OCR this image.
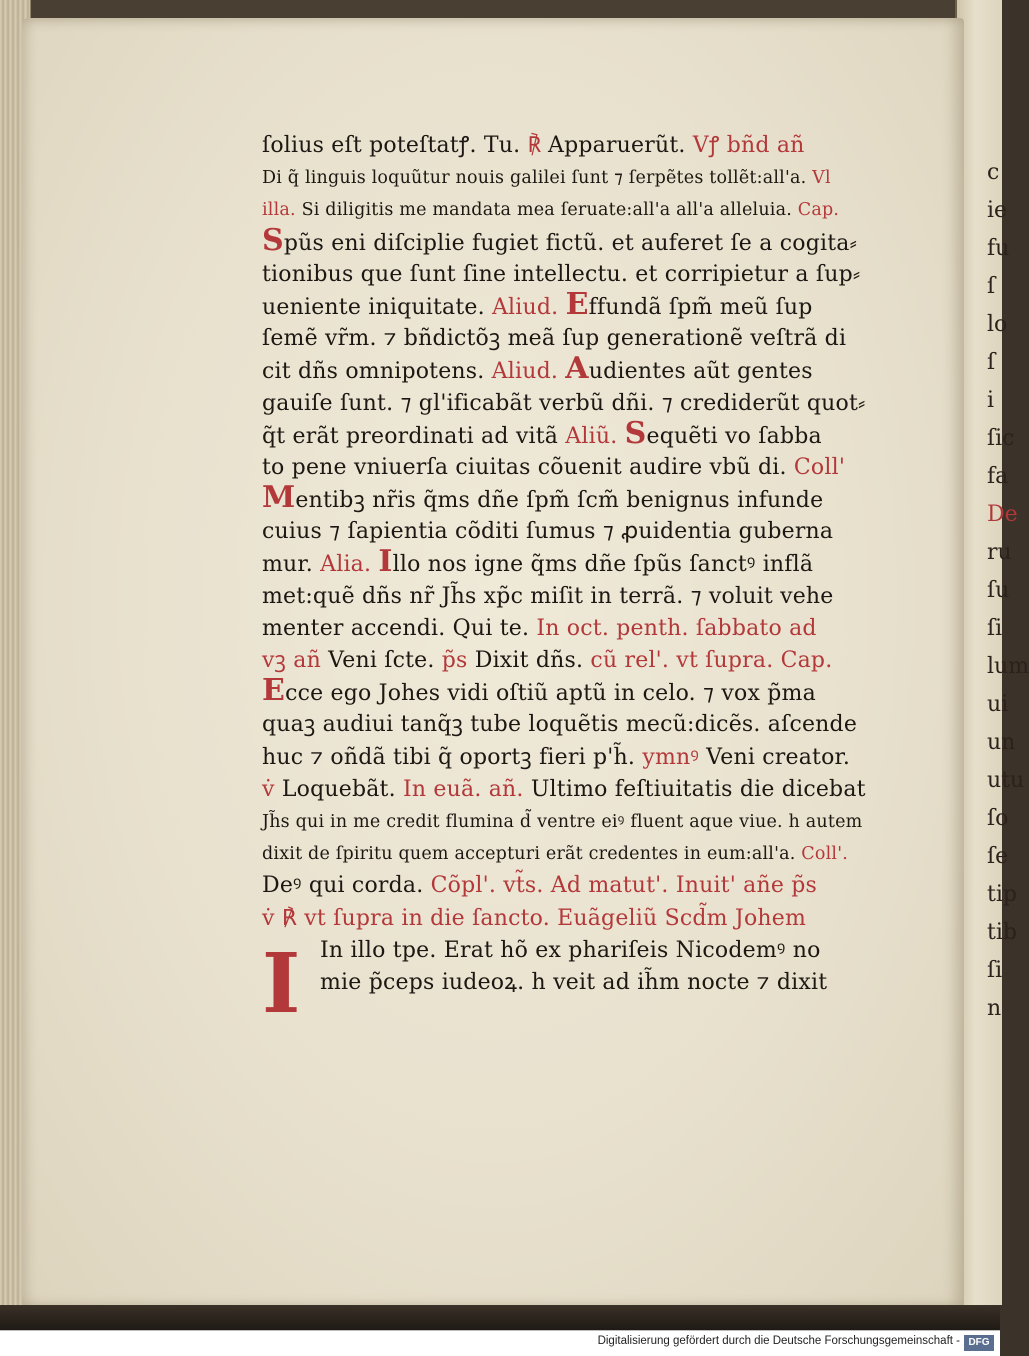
c
ie
fu
ſ
lo
ſ
i
ſic
fa
De
ru
ſu
ſi
lum
ui
un
utu
ſo
ſe
tip
tib
ſi
n
I
ſolius eſt poteſtatꝭ. Tu. ℟ Apparuerũt. Vꝭ bñd añ
Di q̃ linguis loquũtur nouis galilei ſunt ⁊ ſerpẽtes tollẽt:all'a. Vl
illa. Si diligitis me mandata mea ſeruate:all'a all'a alleluia. Cap.
Spũs eni diſciplie fugiet fictũ. et auferet ſe a cogita⸗
tionibus que ſunt ſine intellectu. et corripietur a ſup⸗
ueniente iniquitate. Aliud. Effundã ſpm̃ meũ ſup
ſemẽ vr̃m. ⁊ bñdictõꝫ meã ſup generationẽ veſtrã di
cit dñs omnipotens. Aliud. Audientes aũt gentes
gauiſe ſunt. ⁊ gl'ificabãt verbũ dñi. ⁊ crediderũt quot⸗
q̃t erãt preordinati ad vitã Aliũ. Sequẽti vo ſabba
to pene vniuerſa ciuitas cõuenit audire vbũ di. Coll'
Mentibꝫ nr̃is q̃ms dñe ſpm̃ ſcm̃ benignus infunde
cuius ⁊ ſapientia cõditi ſumus ⁊ ꝓuidentia guberna
mur. Alia. Illo nos igne q̃ms dñe ſpũs ſanctꝰ inflã
met:quẽ dñs nr̃ Jh̃s xp̃c miſit in terrã. ⁊ voluit vehe
menter accendi. Qui te. In oct. penth. ſabbato ad
vꝫ añ Veni ſcte. p̃s Dixit dñs. cũ rel'. vt ſupra. Cap.
Ecce ego Johes vidi oſtiũ aptũ in celo. ⁊ vox p̃ma
quaꝫ audiui tanq̃ꝫ tube loquẽtis mecũ:dicẽs. aſcende
huc ⁊ oñdã tibi q̃ oportꝫ fieri p'h̃. ymnꝰ Veni creator.
v̇ Loquebãt. In euã. añ. Ultimo feſtiuitatis die dicebat
Jh̃s qui in me credit flumina d̃ ventre eiꝰ fluent aque viue. h autem
dixit de ſpiritu quem accepturi erãt credentes in eum:all'a. Coll'.
Deꝰ qui corda. Cõpl'. vt̃s. Ad matut'. Inuit' añe p̃s
v̇ ℟ vt ſupra in die ſancto. Euãgeliũ Scd̃m Johem
In illo tpe. Erat hõ ex phariſeis Nicodemꝰ no
mie p̃ceps iudeoꝝ. h veit ad ih̃m nocte ⁊ dixit
Digitalisierung gefördert durch die Deutsche Forschungsgemeinschaft - DFG
